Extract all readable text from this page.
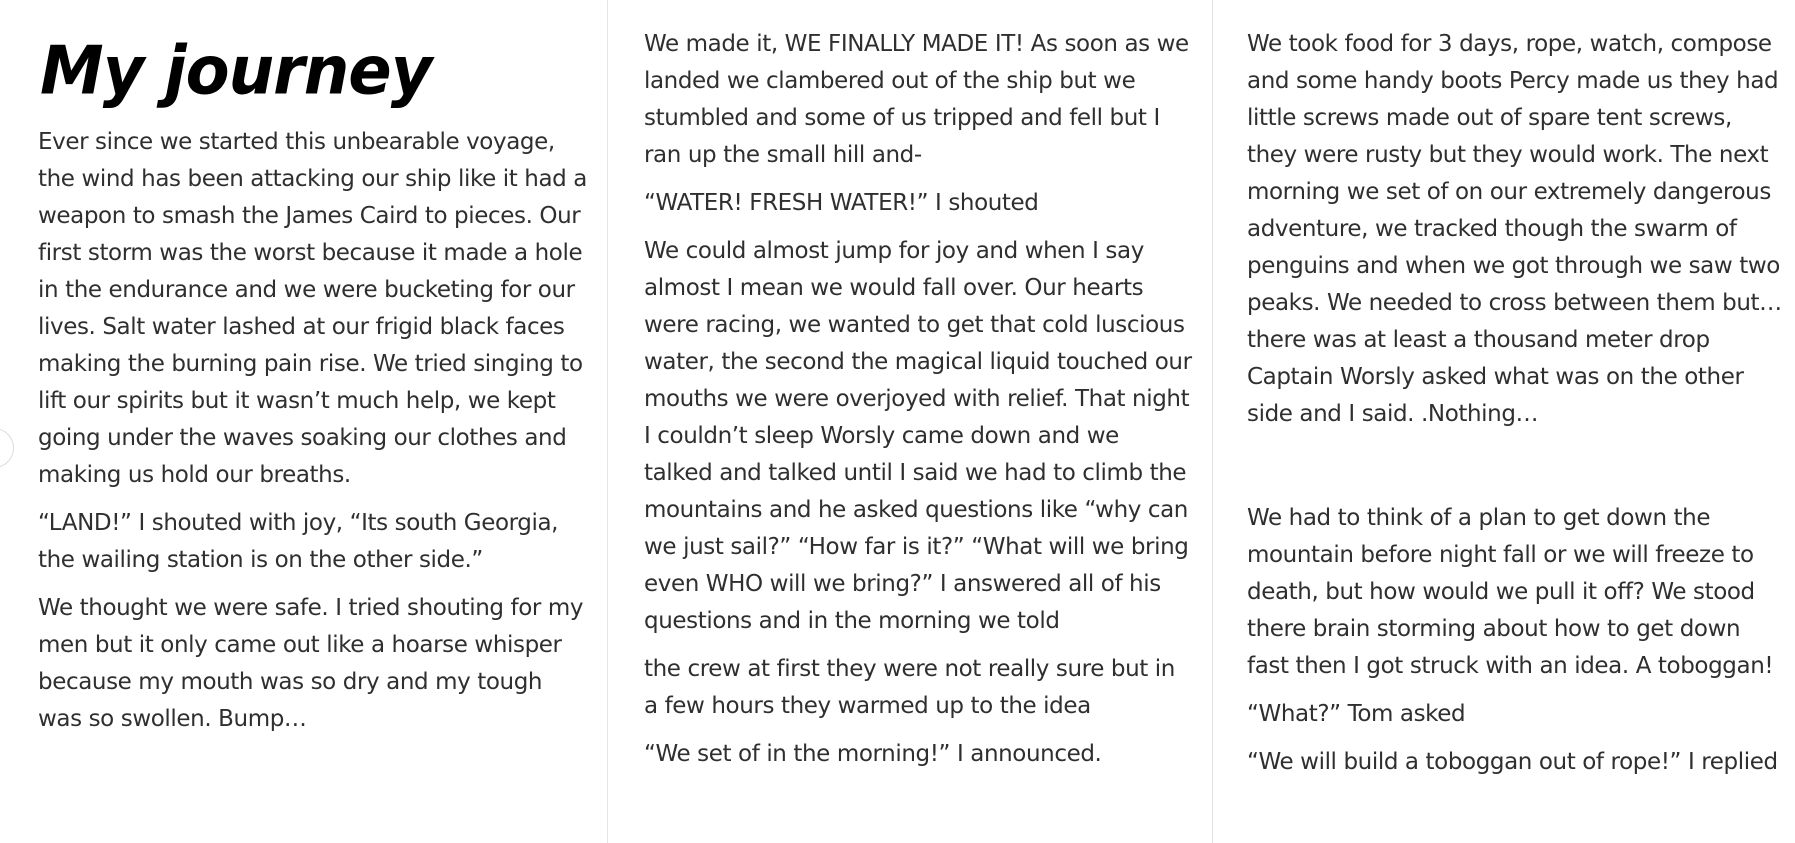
My journey

Ever since we started this unbearable voyage, the wind has been attacking our ship like it had a weapon to smash the James Caird to pieces. Our first storm was the worst because it made a hole in the endurance and we were bucketing for our lives. Salt water lashed at our frigid black faces making the burning pain rise. We tried singing to lift our spirits but it wasn’t much help, we kept going under the waves soaking our clothes and making us hold our breaths.

“LAND!” I shouted with joy, “Its south Georgia, the wailing station is on the other side.”

We thought we were safe. I tried shouting for my men but it only came out like a hoarse whisper because my mouth was so dry and my tough was so swollen. Bump…

We made it, WE FINALLY MADE IT! As soon as we landed we clambered out of the ship but we stumbled and some of us tripped and fell but I ran up the small hill and-

“WATER! FRESH WATER!” I shouted

We could almost jump for joy and when I say almost I mean we would fall over. Our hearts were racing, we wanted to get that cold luscious water, the second the magical liquid touched our mouths we were overjoyed with relief. That night I couldn’t sleep Worsly came down and we talked and talked until I said we had to climb the mountains and he asked questions like “why can we just sail?” “How far is it?” “What will we bring even WHO will we bring?” I answered all of his questions and in the morning we told

the crew at first they were not really sure but in a few hours they warmed up to the idea

“We set of in the morning!” I announced.

We took food for 3 days, rope, watch, compose and some handy boots Percy made us they had little screws made out of spare tent screws, they were rusty but they would work. The next morning we set of on our extremely dangerous adventure, we tracked though the swarm of penguins and when we got through we saw two peaks. We needed to cross between them but… there was at least a thousand meter drop Captain Worsly asked what was on the other side and I said. .Nothing…

We had to think of a plan to get down the mountain before night fall or we will freeze to death, but how would we pull it off? We stood there brain storming about how to get down fast then I got struck with an idea. A toboggan!

“What?” Tom asked

“We will build a toboggan out of rope!” I replied
